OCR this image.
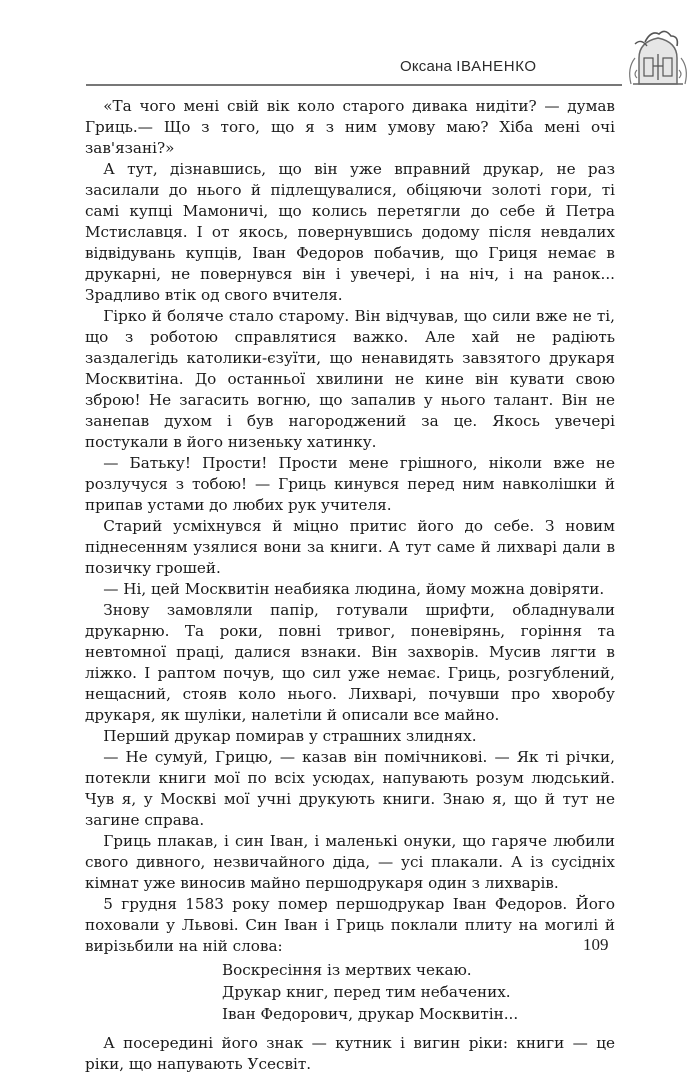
Оксана ІВАНЕНКО

«Та чого мені свій вік коло старого дивака нидіти? — думав Гриць.— Що з того, що я з ним умову маю? Хіба мені очі зав'язані?»

А тут, дізнавшись, що він уже вправний друкар, не раз засилали до нього й підлещувалися, обіцяючи золоті гори, ті самі купці Мамоничі, що колись перетягли до себе й Петра Мстиславця. І от якось, повернувшись додому після невдалих відвідувань купців, Іван Федоров побачив, що Гриця немає в друкарні, не повернувся він і увечері, і на ніч, і на ранок... Зрадливо втік од свого вчителя.

Гірко й боляче стало старому. Він відчував, що сили вже не ті, що з роботою справлятися важко. Але хай не радіють заздалегідь католики-єзуїти, що ненавидять завзятого друкаря Москвитіна. До останньої хвилини не кине він кувати свою зброю! Не загасить вогню, що запалив у нього талант. Він не занепав духом і був нагороджений за це. Якось увечері постукали в його низеньку хатинку.

— Батьку! Прости! Прости мене грішного, ніколи вже не розлучуся з тобою! — Гриць кинувся перед ним навколішки й припав устами до любих рук учителя.

Старий усміхнувся й міцно притис його до себе. З новим піднесенням узялися вони за книги. А тут саме й лихварі дали в позичку грошей.

— Ні, цей Москвитін неабияка людина, йому можна довіряти.

Знову замовляли папір, готували шрифти, обладнували друкарню. Та роки, повні тривог, поневірянь, горіння та невтомної праці, далися взнаки. Він захворів. Мусив лягти в ліжко. І раптом почув, що сил уже немає. Гриць, розгублений, нещасний, стояв коло нього. Лихварі, почувши про хворобу друкаря, як шуліки, налетіли й описали все майно.

Перший друкар помирав у страшних злиднях.

— Не сумуй, Грицю, — казав він помічникові. — Як ті річки, потекли книги мої по всіх усюдах, напувають розум людський. Чув я, у Москві мої учні друкують книги. Знаю я, що й тут не загине справа.

Гриць плакав, і син Іван, і маленькі онуки, що гаряче любили свого дивного, незвичайного діда, — усі плакали. А із сусідніх кімнат уже виносив майно першодрукаря один з лихварів.

5 грудня 1583 року помер першодрукар Іван Федоров. Його поховали у Львові. Син Іван і Гриць поклали плиту на могилі й вирізьбили на ній слова:

Воскресіння із мертвих чекаю.
Друкар книг, перед тим небачених.
Іван Федорович, друкар Москвитін...

А посередині його знак — кутник і вигин ріки: книги — це ріки, що напувають Усесвіт.

109
